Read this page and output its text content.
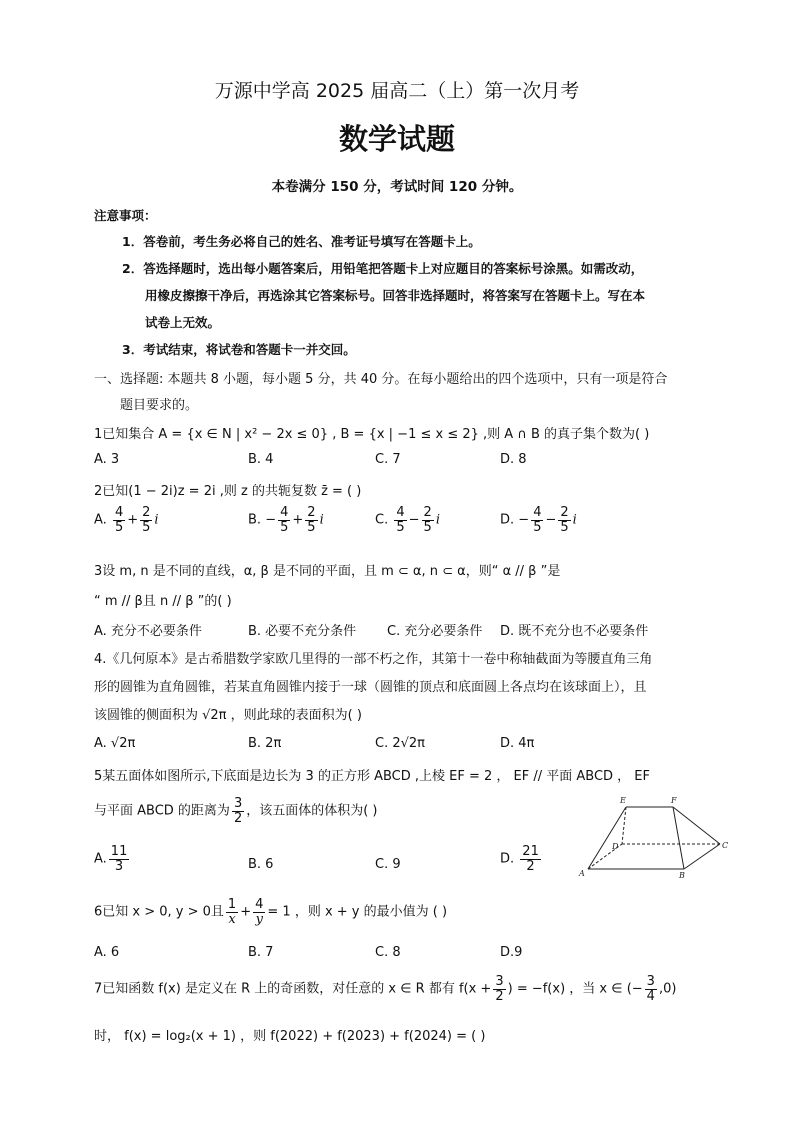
万源中学高 2025 届高二（上）第一次月考
数学试题
本卷满分 150 分，考试时间 120 分钟。
注意事项：
1．答卷前，考生务必将自己的姓名、准考证号填写在答题卡上。
2．答选择题时，选出每小题答案后，用铅笔把答题卡上对应题目的答案标号涂黑。如需改动，
用橡皮擦擦干净后，再选涂其它答案标号。回答非选择题时，将答案写在答题卡上。写在本
试卷上无效。
3．考试结束，将试卷和答题卡一并交回。
一、选择题: 本题共 8 小题，每小题 5 分，共 40 分。在每小题给出的四个选项中，只有一项是符合
题目要求的。
1已知集合 A = {x ∈ N | x² − 2x ≤ 0} , B = {x | −1 ≤ x ≤ 2} ,则 A ∩ B 的真子集个数为( )
A. 3	B. 4	C. 7	D. 8
2已知(1 − 2i)z = 2i ,则 z 的共轭复数 z̄ = ( )
A. $\frac{4}{5} + \frac{2}{5}$ i	B. − $\frac{4}{5} + \frac{2}{5}$ i	C. $\frac{4}{5} - \frac{2}{5}$ i	D. − $\frac{4}{5} - \frac{2}{5}$ i
3设 m, n 是不同的直线，α, β 是不同的平面，且 m ⊂ α, n ⊂ α，则“ α // β ”是
“ m // β且 n // β ”的( )
A. 充分不必要条件	B. 必要不充分条件 C. 充分必要条件 D. 既不充分也不必要条件
4.《几何原本》是古希腊数学家欧几里得的一部不朽之作，其第十一卷中称轴截面为等腰直角三角
形的圆锥为直角圆锥，若某直角圆锥内接于一球（圆锥的顶点和底面圆上各点均在该球面上），且
该圆锥的侧面积为 √2π ，则此球的表面积为( )
A. √2π	B. 2π	C. 2√2π	D. 4π
5某五面体如图所示,下底面是边长为 3 的正方形 ABCD ,上棱 EF = 2 ， EF // 平面 ABCD ， EF
与平面 ABCD 的距离为 $\frac{3}{2}$ ，该五面体的体积为( )
A. $\frac{11}{3}$	B. 6	C. 9	D. $\frac{21}{2}$
E	F
D	C
A	B
6已知 x > 0, y > 0且 $\frac{1}{x} + \frac{4}{y} = 1$ ，则 x + y 的最小值为 ( )
A. 6	B. 7	C. 8	D.9
7已知函数 f(x) 是定义在 R 上的奇函数，对任意的 x ∈ R 都有 $f(x + \frac{3}{2}$ ) = −f(x) ，当 x ∈ (− $\frac{3}{4} ,0$)
时， f(x) = log₂(x + 1) ，则 f(2022) + f(2023) + f(2024) = ( )
